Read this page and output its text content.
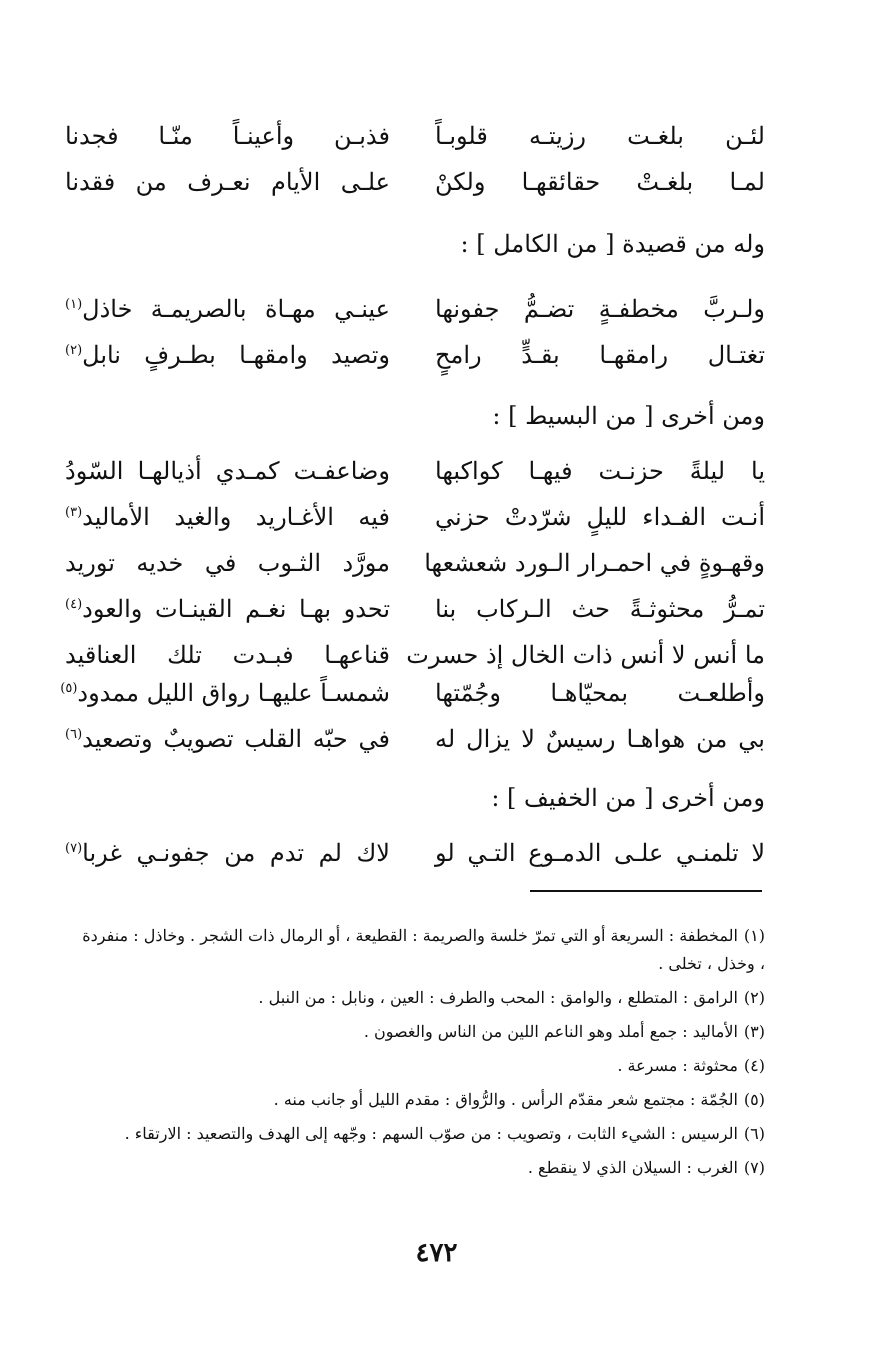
لئـن بلغـت رزيتـه قلوبـاً
فذبـن وأعينـاً منّـا فجدنا
لمـا بلغـتْ حقائقهـا ولكنْ
علـى الأيام نعـرف من فقدنا
وله من قصيدة [ من الكامل ] :
ولـربَّ مخطفـةٍ تضـمُّ جفونها
عينـي مهـاة بالصريمـة خاذل$^{(١)}$
تغتـال رامقهـا بقـدٍّ رامحٍ
وتصيد وامقهـا بطـرفٍ نابل$^{(٢)}$
ومن أخرى [ من البسيط ] :
يا ليلةً حزنـت فيهـا كواكبها
وضاعفـت كمـدي أذيالهـا السّودُ
أنـت الفـداء لليلٍ شرّدتْ حزني
فيه الأغـاريد والغيد الأماليد$^{(٣)}$
وقهـوةٍ في احمـرار الـورد شعشعها
مورَّد الثـوب في خديه توريد
تمـرُّ محثوثـةً حث الـركاب بنا
تحدو بهـا نغـم القينـات والعود$^{(٤)}$
ما أنس لا أنس ذات الخال إذ حسرت
قناعهـا فبـدت تلك العناقيد
وأطلعـت بمحيّاهـا وجُمّتها
شمسـاً عليهـا رواق الليل ممدود$^{(٥)}$
بي من هواهـا رسيسٌ لا يزال له
في حبّه القلب تصويبٌ وتصعيد$^{(٦)}$
ومن أخرى [ من الخفيف ] :
لا تلمنـي علـى الدمـوع التـي لو
لاك لم تدم من جفونـي غربا$^{(٧)}$

(١)المخطفة : السريعة أو التي تمرّ خلسة والصريمة : القطيعة ، أو الرمال ذات الشجر . وخاذل : منفردة ، وخذل ، تخلى .

(٢)الرامق : المتطلع ، والوامق : المحب والطرف : العين ، ونابل : من النبل .

(٣)الأماليد : جمع أملد وهو الناعم اللين من الناس والغصون .

(٤)محثوثة : مسرعة .

(٥)الجُمّة : مجتمع شعر مقدّم الرأس . والرُّواق : مقدم الليل أو جانب منه .

(٦)الرسيس : الشيء الثابت ، وتصويب : من صوّب السهم : وجّهه إلى الهدف والتصعيد : الارتقاء .

(٧)الغرب : السيلان الذي لا ينقطع .

٤٧٢
